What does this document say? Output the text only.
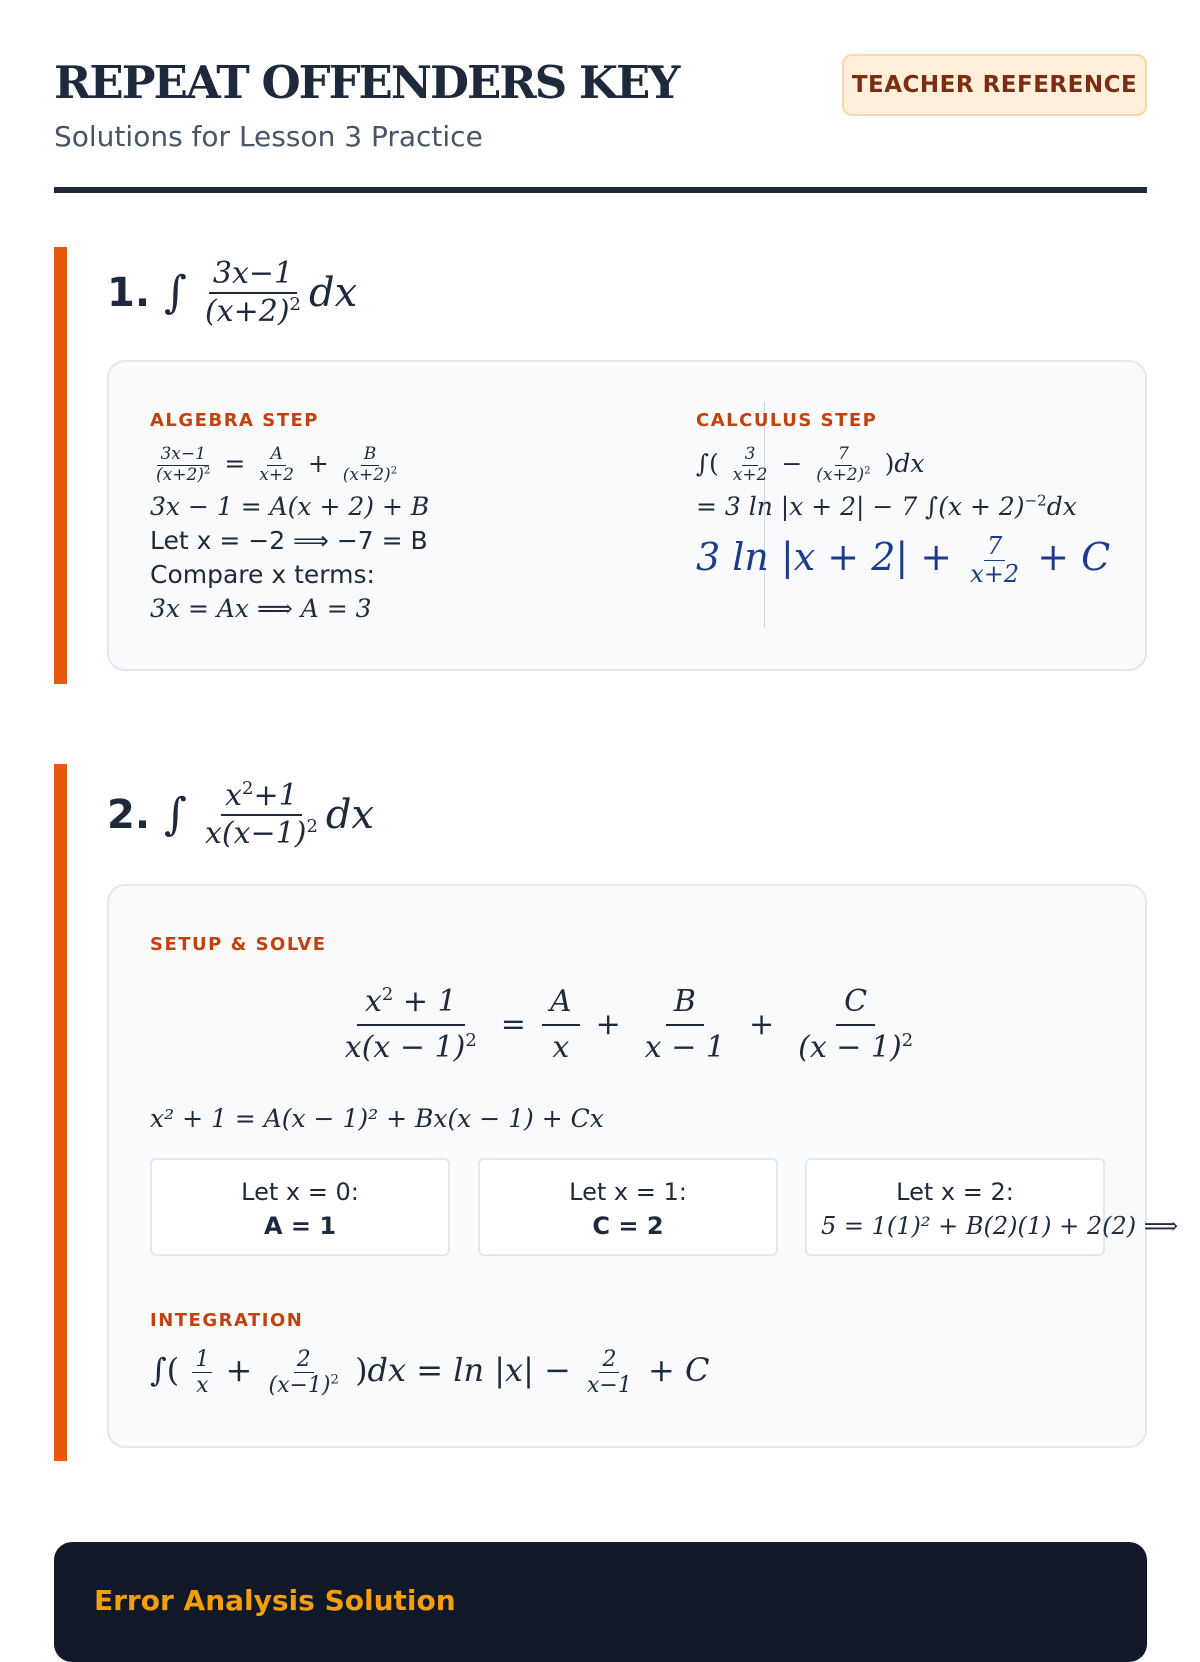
REPEAT OFFENDERS KEY
Solutions for Lesson 3 Practice
TEACHER REFERENCE
1. ∫ $\frac{3x-1}{(x+2)^2}$ dx
ALGEBRA STEP
$\frac{3x-1}{(x+2)^2} = \frac{A}{x+2} + \frac{B}{(x+2)^2}$
3x − 1 = A(x + 2) + B
Let x = −2 ⟹ −7 = B
Compare x terms:
3x = Ax ⟹ A = 3
CALCULUS STEP
∫( $\frac{3}{x+2} - \frac{7}{(x+2)^2} )dx$
= 3 ln |x + 2| − 7 $\int(x + 2)^{-2}dx$
3 $\ln |x + 2| + \frac{7}{x+2} + C$
2. ∫ $\frac{x^2+1}{x(x-1)^2}$ dx
SETUP & SOLVE
$\frac{x^2 + 1}{x(x - 1)^2} = \frac{A}{x} + \frac{B}{x - 1} + \frac{C}{(x - 1)^2}$
x² + 1 = A(x − 1)² + Bx(x − 1) + Cx
Let x = 0:
A = 1
Let x = 1:
C = 2
Let x = 2:
5 = 1(1)² + B(2)(1) + 2(2) ⟹
INTEGRATION
∫( $\frac{1}{x} + \frac{2}{(x-1)^2} )dx = \ln |x| - \frac{2}{x-1} + C$
Error Analysis Solution
